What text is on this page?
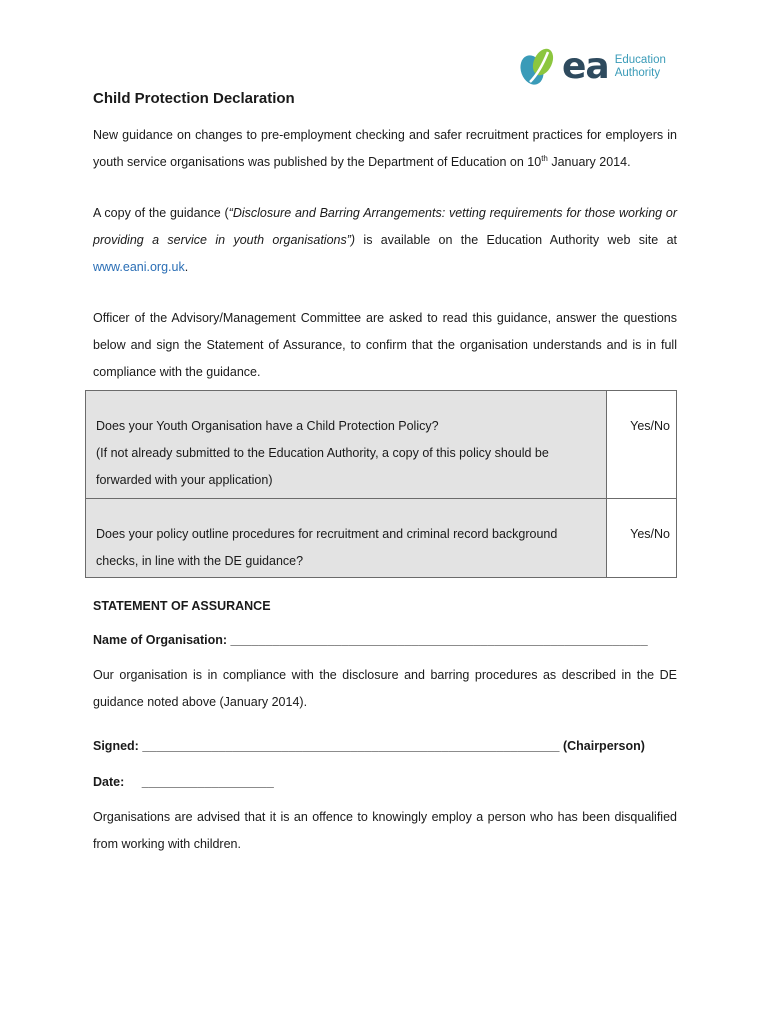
ea Education
Authority
Child Protection Declaration

New guidance on changes to pre-employment checking and safer recruitment practices for employers in youth service organisations was published by the Department of Education on 10th January 2014.

A copy of the guidance (“Disclosure and Barring Arrangements: vetting requirements for those working or providing a service in youth organisations”) is available on the Education Authority web site at www.eani.org.uk.

Officer of the Advisory/Management Committee are asked to read this guidance, answer the questions below and sign the Statement of Assurance, to confirm that the organisation understands and is in full compliance with the guidance.

Does your Youth Organisation have a Child Protection Policy?
(If not already submitted to the Education Authority, a copy of this policy should be forwarded with your application)	Yes/No

Does your policy outline procedures for recruitment and criminal record background checks, in line with the DE guidance?	Yes/No
STATEMENT OF ASSURANCE
Name of Organisation: ____________________________________________________________

Our organisation is in compliance with the disclosure and barring procedures as described in the DE guidance noted above (January 2014).

Signed: ____________________________________________________________ (Chairperson)
Date: ___________________

Organisations are advised that it is an offence to knowingly employ a person who has been disqualified from working with children.
